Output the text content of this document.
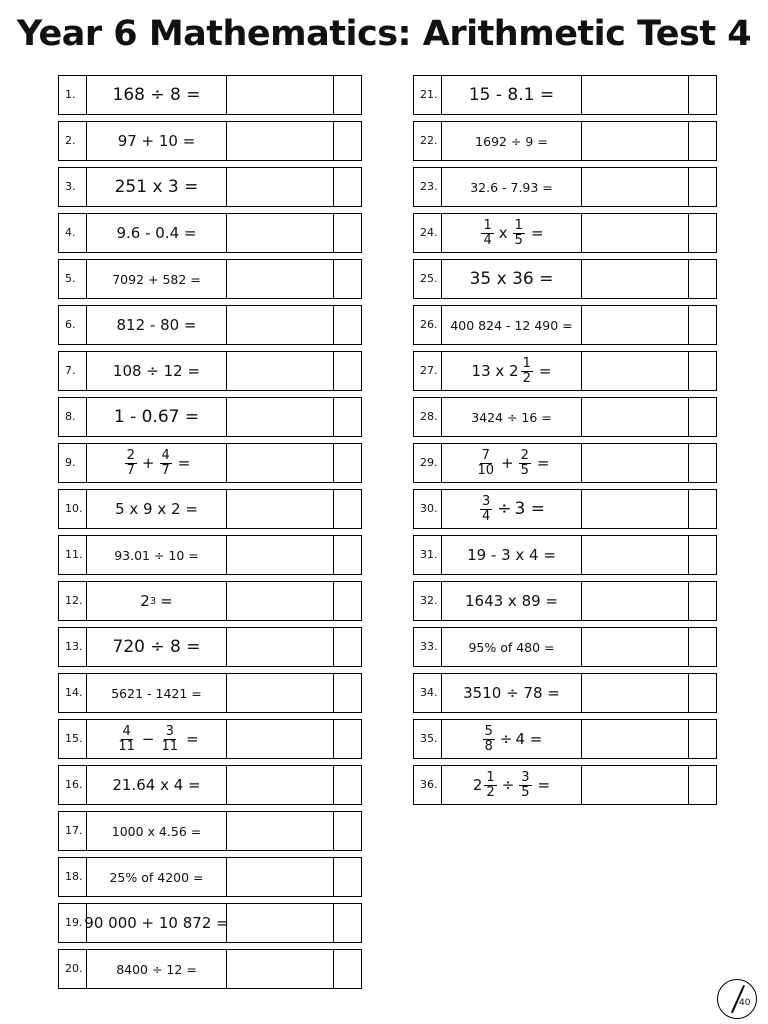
Year 6 Mathematics: Arithmetic Test 4
1.	168 ÷ 8 =
2.	97 + 10 =
3.	251 x 3 =
4.	9.6 - 0.4 =
5.	7092 + 582 =
6.	812 - 80 =
7.	108 ÷ 12 =
8.	1 - 0.67 =
9.	$\frac{2}{7} + \frac{4}{7}$ =
10.	5 x 9 x 2 =
11.	93.01 ÷ 10 =
12.	2 3 =
13.	720 ÷ 8 =
14.	5621 - 1421 =
15.	$\frac{4}{11} - \frac{3}{11}$ =
16.	21.64 x 4 =
17.	1000 x 4.56 =
18.	25% of 4200 =
19. 90 000 + 10 872 =
20.	8400 ÷ 12 =
21.	15 - 8.1 =
22.	1692 ÷ 9 =
23.	32.6 - 7.93 =
24.	$\frac{1}{4}$ x $\frac{1}{5}$ =
25.	35 x 36 =
26.	400 824 - 12 490 =
27.	13 x $2 \frac{1}{2}$ =
28.	3424 ÷ 16 =
29.	$\frac{7}{10} + \frac{2}{5}$ =
30.	$\frac{3}{4} \div 3$ =
31.	19 - 3 x 4 =
32.	1643 x 89 =
33.	95% of 480 =
34.	3510 ÷ 78 =
35.	$\frac{5}{8} \div 4$ =
36.	$2 \frac{1}{2} \div \frac{3}{5}$ =
40
